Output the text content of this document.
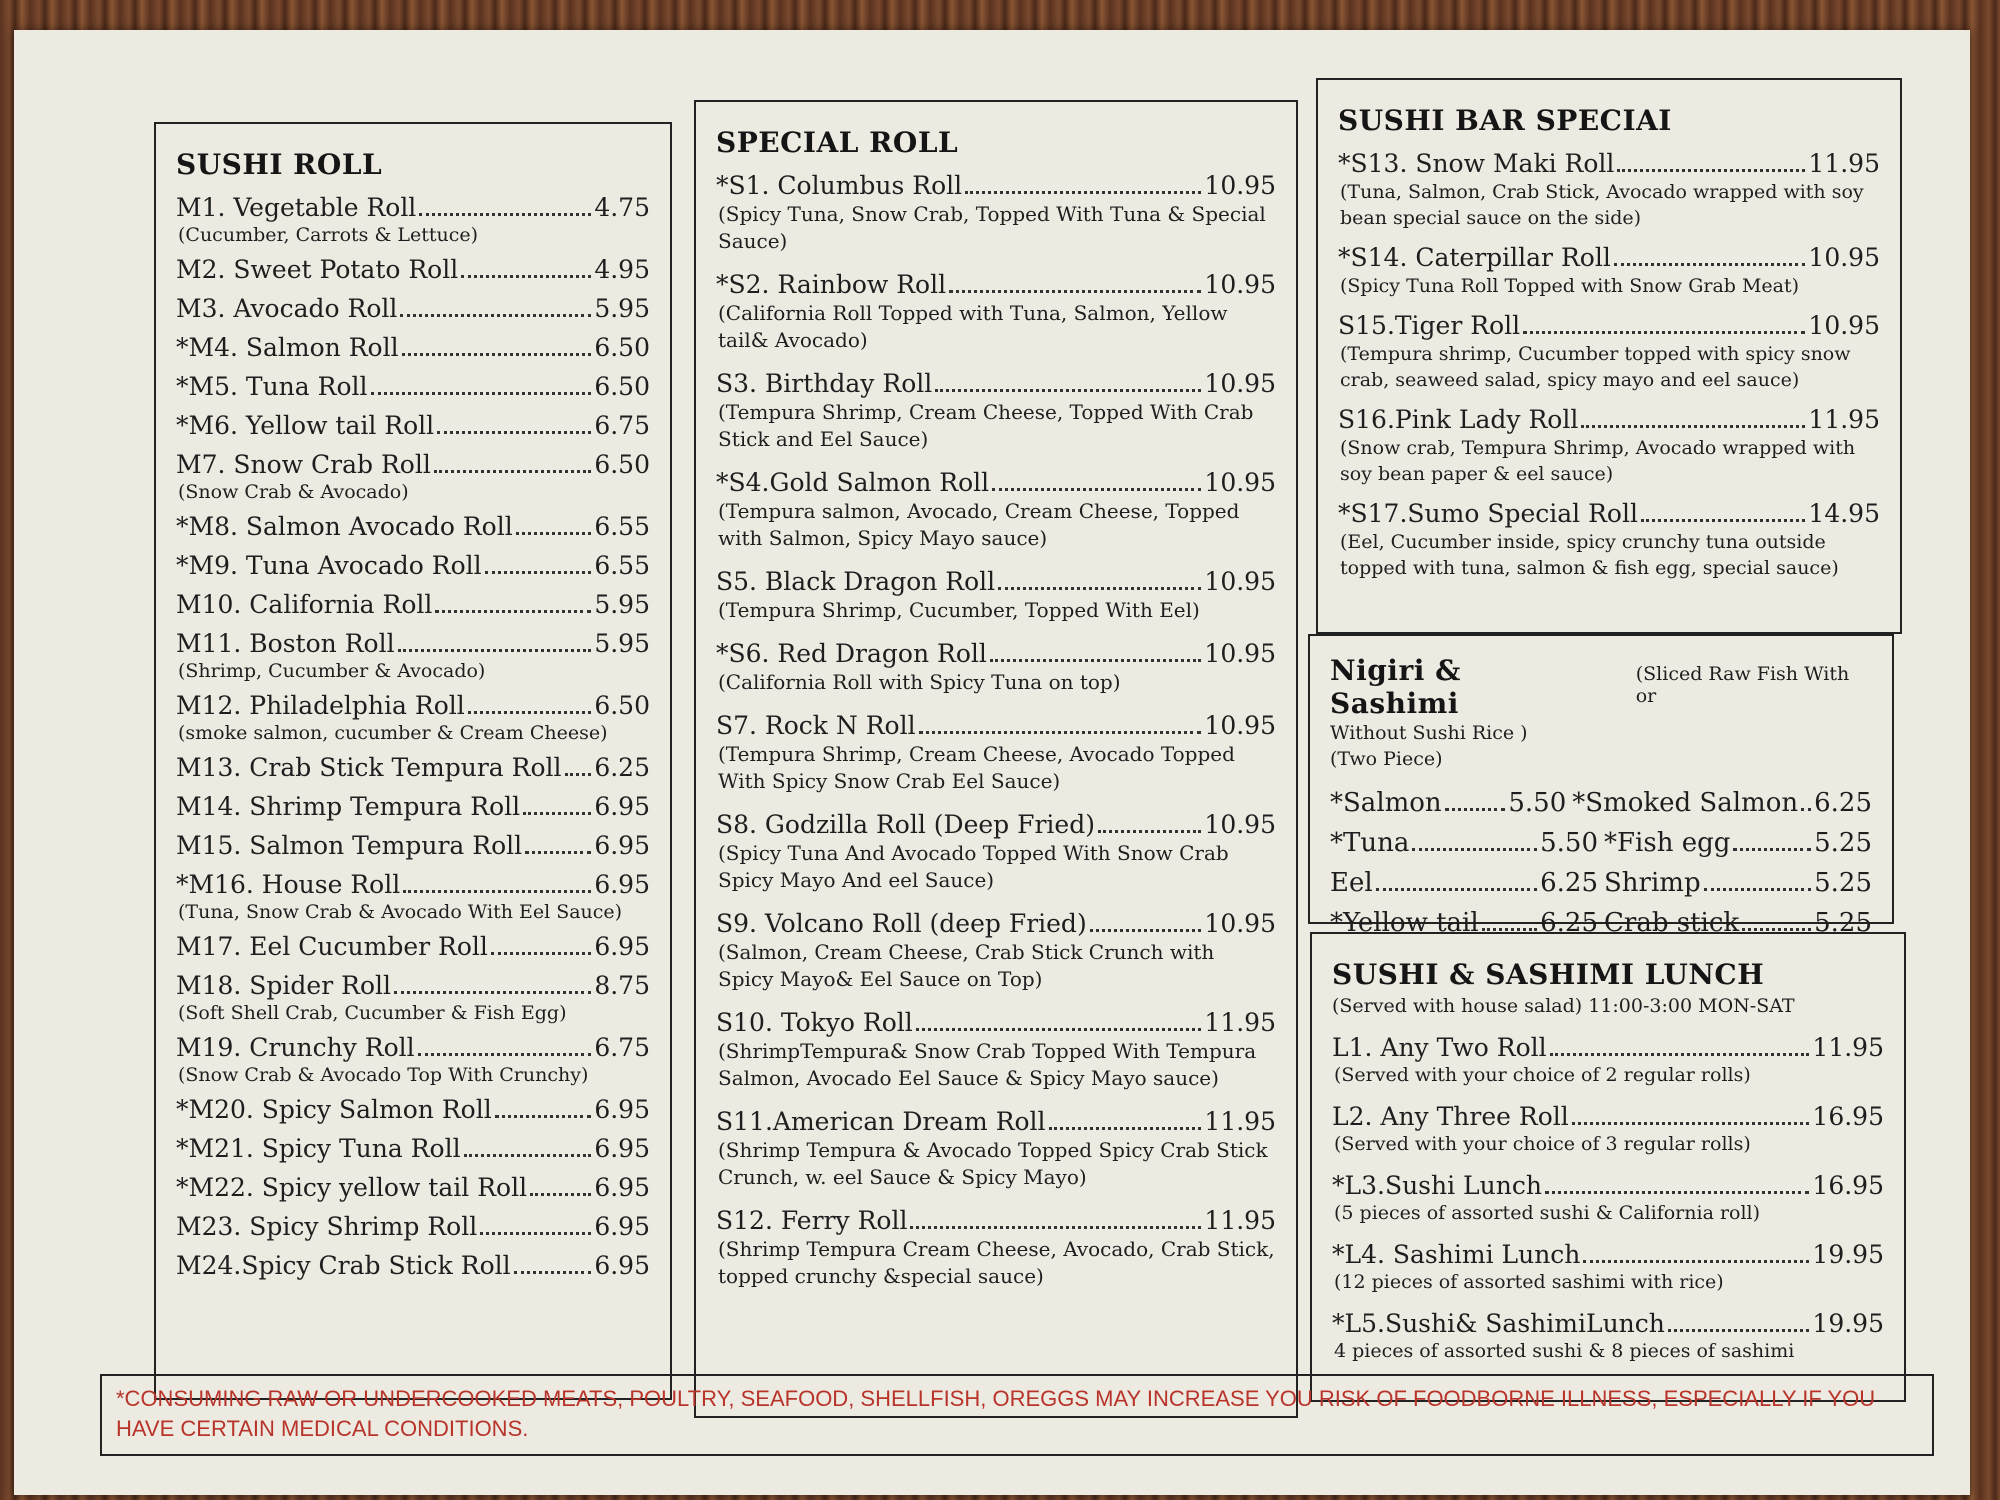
SUSHI ROLL
M1. Vegetable Roll	4.75
(Cucumber, Carrots & Lettuce)
M2. Sweet Potato Roll	4.95
M3. Avocado Roll	5.95
*M4. Salmon Roll	6.50
*M5. Tuna Roll	6.50
*M6. Yellow tail Roll	6.75
M7. Snow Crab Roll	6.50
(Snow Crab & Avocado)
*M8. Salmon Avocado Roll	6.55
*M9. Tuna Avocado Roll	6.55
M10. California Roll	5.95
M11. Boston Roll	5.95
(Shrimp, Cucumber & Avocado)
M12. Philadelphia Roll	6.50
(smoke salmon, cucumber & Cream Cheese)
M13. Crab Stick Tempura Roll 6.25
M14. Shrimp Tempura Roll	6.95
M15. Salmon Tempura Roll	6.95
*M16. House Roll	6.95
(Tuna, Snow Crab & Avocado With Eel Sauce)
M17. Eel Cucumber Roll	6.95
M18. Spider Roll	8.75
(Soft Shell Crab, Cucumber & Fish Egg)
M19. Crunchy Roll	6.75
(Snow Crab & Avocado Top With Crunchy)
*M20. Spicy Salmon Roll	6.95
*M21. Spicy Tuna Roll	6.95
*M22. Spicy yellow tail Roll	6.95
M23. Spicy Shrimp Roll	6.95
M24.Spicy Crab Stick Roll	6.95
SPECIAL ROLL
*S1. Columbus Roll	10.95
(Spicy Tuna, Snow Crab, Topped With Tuna & Special Sauce)
*S2. Rainbow Roll	10.95
(California Roll Topped with Tuna, Salmon, Yellow tail& Avocado)
S3. Birthday Roll	10.95
(Tempura Shrimp, Cream Cheese, Topped With Crab Stick and Eel Sauce)
*S4.Gold Salmon Roll	10.95
(Tempura salmon, Avocado, Cream Cheese, Topped with Salmon, Spicy Mayo sauce)
S5. Black Dragon Roll	10.95
(Tempura Shrimp, Cucumber, Topped With Eel)
*S6. Red Dragon Roll	10.95
(California Roll with Spicy Tuna on top)
S7. Rock N Roll	10.95
(Tempura Shrimp, Cream Cheese, Avocado Topped With Spicy Snow Crab Eel Sauce)
S8. Godzilla Roll (Deep Fried)	10.95
(Spicy Tuna And Avocado Topped With Snow Crab Spicy Mayo And eel Sauce)
S9. Volcano Roll (deep Fried)	10.95
(Salmon, Cream Cheese, Crab Stick Crunch with Spicy Mayo& Eel Sauce on Top)
S10. Tokyo Roll	11.95
(ShrimpTempura& Snow Crab Topped With Tempura Salmon, Avocado Eel Sauce & Spicy Mayo sauce)
S11.American Dream Roll	11.95
(Shrimp Tempura & Avocado Topped Spicy Crab Stick Crunch, w. eel Sauce & Spicy Mayo)
S12. Ferry Roll	11.95
(Shrimp Tempura Cream Cheese, Avocado, Crab Stick, topped crunchy &special sauce)
SUSHI BAR SPECIAI
*S13. Snow Maki Roll	11.95
(Tuna, Salmon, Crab Stick, Avocado wrapped with soy bean special sauce on the side)
*S14. Caterpillar Roll	10.95
(Spicy Tuna Roll Topped with Snow Grab Meat)
S15.Tiger Roll	10.95
(Tempura shrimp, Cucumber topped with spicy snow crab, seaweed salad, spicy mayo and eel sauce)
S16.Pink Lady Roll	11.95
(Snow crab, Tempura Shrimp, Avocado wrapped with soy bean paper & eel sauce)
*S17.Sumo Special Roll	14.95
(Eel, Cucumber inside, spicy crunchy tuna outside topped with tuna, salmon & fish egg, special sauce)
Nigiri & Sashimi
(Sliced Raw Fish With or
Without Sushi Rice )
(Two Piece)
*Salmon	5.50 *Smoked Salmon 6.25
*Tuna	5.50 *Fish egg	5.25
Eel	6.25 Shrimp	5.25
*Yellow tail 6.25 Crab stick	5.25
SUSHI & SASHIMI LUNCH
(Served with house salad) 11:00-3:00 MON-SAT
L1. Any Two Roll	11.95
(Served with your choice of 2 regular rolls)
L2. Any Three Roll	16.95
(Served with your choice of 3 regular rolls)
*L3.Sushi Lunch	16.95
(5 pieces of assorted sushi & California roll)
*L4. Sashimi Lunch	19.95
(12 pieces of assorted sashimi with rice)
*L5.Sushi& SashimiLunch	19.95
4 pieces of assorted sushi & 8 pieces of sashimi
*CONSUMING RAW OR UNDERCOOKED MEATS, POULTRY, SEAFOOD, SHELLFISH, OREGGS MAY INCREASE YOU RISK OF FOODBORNE ILLNESS, ESPECIALLY IF YOU HAVE CERTAIN MEDICAL CONDITIONS.
